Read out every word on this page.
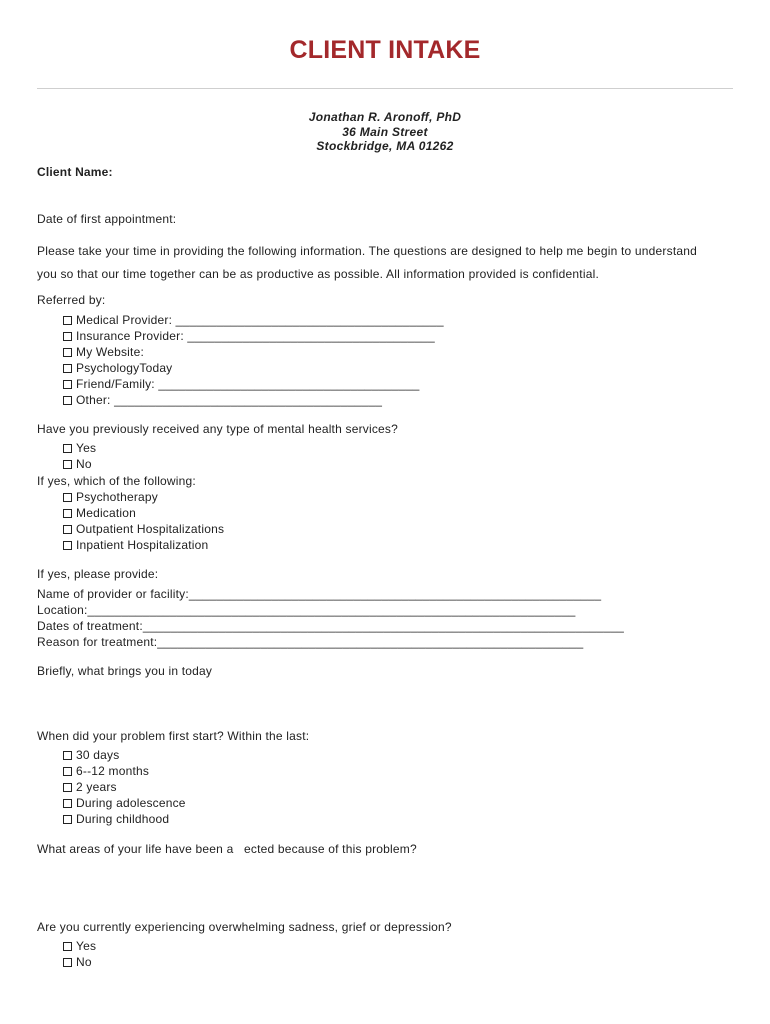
CLIENT INTAKE
Jonathan R. Aronoff, PhD
36 Main Street
Stockbridge, MA 01262
Client Name:
Date of first appointment:
Please take your time in providing the following information. The questions are designed to help me begin to understand
you so that our time together can be as productive as possible. All information provided is confidential.
Referred by:
Medical Provider: _______________________________________
Insurance Provider: ____________________________________
My Website:
PsychologyToday
Friend/Family: ______________________________________
Other: _______________________________________
Have you previously received any type of mental health services?
Yes
No
If yes, which of the following:
Psychotherapy
Medication
Outpatient Hospitalizations
Inpatient Hospitalization
If yes, please provide:
Name of provider or facility:____________________________________________________________
Location:_______________________________________________________________________
Dates of treatment:______________________________________________________________________
Reason for treatment:______________________________________________________________
Briefly, what brings you in today
When did your problem first start? Within the last:
30 days
6--12 months
2 years
During adolescence
During childhood
What areas of your life have been a   ected because of this problem?
Are you currently experiencing overwhelming sadness, grief or depression?
Yes
No
